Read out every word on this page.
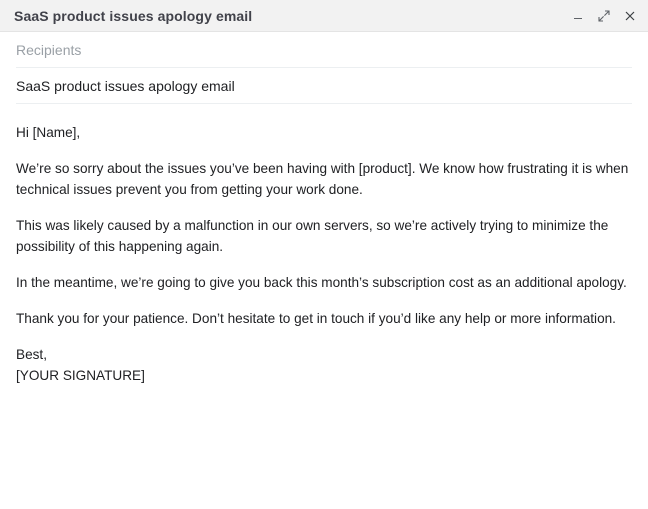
SaaS product issues apology email
Recipients
SaaS product issues apology email

Hi [Name],

We’re so sorry about the issues you’ve been having with [product]. We know how frustrating it is when technical issues prevent you from getting your work done.

This was likely caused by a malfunction in our own servers, so we’re actively trying to minimize the possibility of this happening again.

In the meantime, we’re going to give you back this month’s subscription cost as an additional apology.

Thank you for your patience. Don’t hesitate to get in touch if you’d like any help or more information.

Best,

[YOUR SIGNATURE]
